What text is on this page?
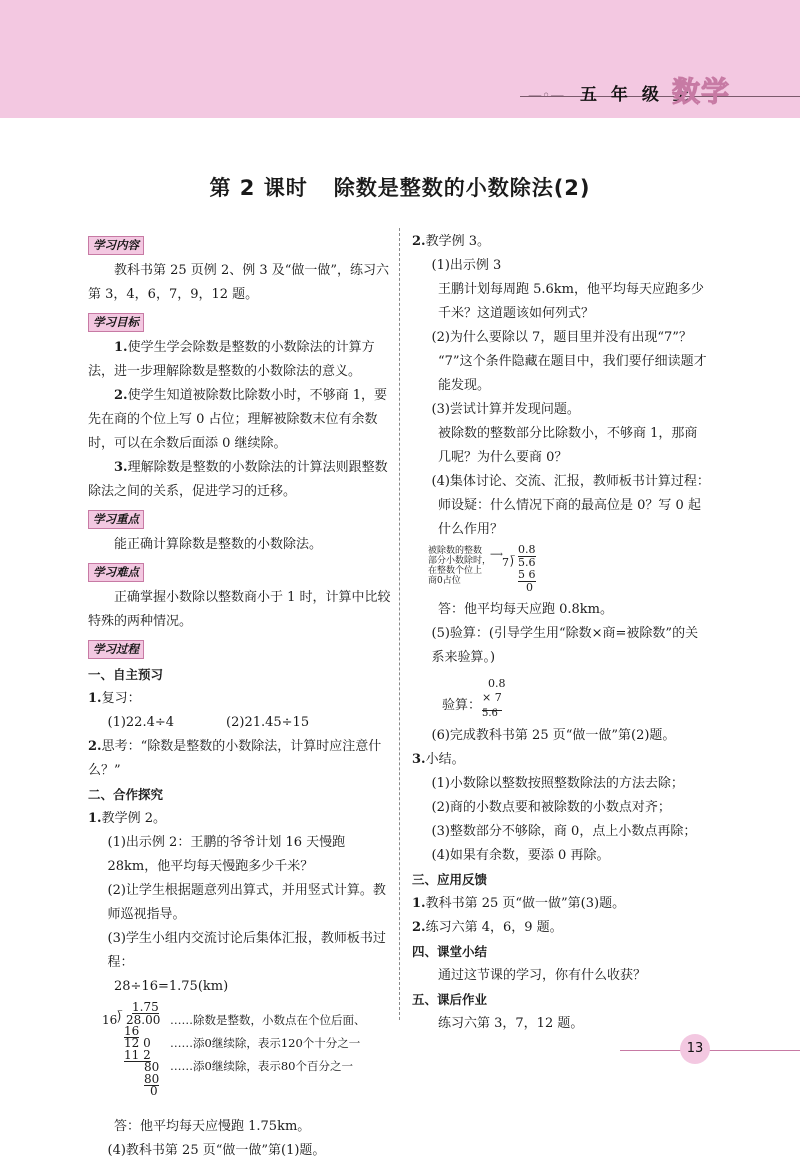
—◦— 五 年 级 上
数学
第 2 课时 除数是整数的小数除法(2)
学习内容

教科书第 25 页例 2、例 3 及“做一做”，练习六第 3，4，6，7，9，12 题。

学习目标

1.使学生学会除数是整数的小数除法的计算方法，进一步理解除数是整数的小数除法的意义。

2.使学生知道被除数比除数小时，不够商 1，要先在商的个位上写 0 占位；理解被除数末位有余数时，可以在余数后面添 0 继续除。

3.理解除数是整数的小数除法的计算法则跟整数除法之间的关系，促进学习的迁移。

学习重点

能正确计算除数是整数的小数除法。

学习难点

正确掌握小数除以整数商小于 1 时，计算中比较特殊的两种情况。

学习过程

一、自主预习

1.复习：

(1)22.4÷4	(2)21.45÷15

2.思考：“除数是整数的小数除法，计算时应注意什么？”

二、合作探究

1.教学例 2。

(1)出示例 2：王鹏的爷爷计划 16 天慢跑 28km，他平均每天慢跑多少千米？

(2)让学生根据题意列出算式，并用竖式计算。教师巡视指导。

(3)学生小组内交流讨论后集体汇报，教师板书过程：

28÷16=1.75(km)

1.75
16 ⟌ 28.00
16
12 0
11 2
80
80
0
……除数是整数，小数点在个位后面、
……添0继续除，表示120个十分之一
……添0继续除，表示80个百分之一

答：他平均每天应慢跑 1.75km。

(4)教科书第 25 页“做一做”第(1)题。

2.教学例 3。

(1)出示例 3

王鹏计划每周跑 5.6km，他平均每天应跑多少千米？这道题该如何列式？

(2)为什么要除以 7，题目里并没有出现“7”？

“7”这个条件隐藏在题目中，我们要仔细读题才能发现。

(3)尝试计算并发现问题。

被除数的整数部分比除数小，不够商 1，那商几呢？为什么要商 0？

(4)集体讨论、交流、汇报，教师板书计算过程：

师设疑：什么情况下商的最高位是 0？写 0 起什么作用？

被除数的整数
部分小数除时，
在整数个位上
商0占位
⟶ 0.8
7 ⟌ 5.6
5 6
0

答：他平均每天应跑 0.8km。

(5)验算：(引导学生用“除数×商=被除数”的关系来验算。)

验算：
0.8
× 7
5.6

(6)完成教科书第 25 页“做一做”第(2)题。

3.小结。

(1)小数除以整数按照整数除法的方法去除；

(2)商的小数点要和被除数的小数点对齐；

(3)整数部分不够除，商 0，点上小数点再除；

(4)如果有余数，要添 0 再除。

三、应用反馈

1.教科书第 25 页“做一做”第(3)题。

2.练习六第 4，6，9 题。

四、课堂小结

通过这节课的学习，你有什么收获？

五、课后作业

练习六第 3，7，12 题。

13
